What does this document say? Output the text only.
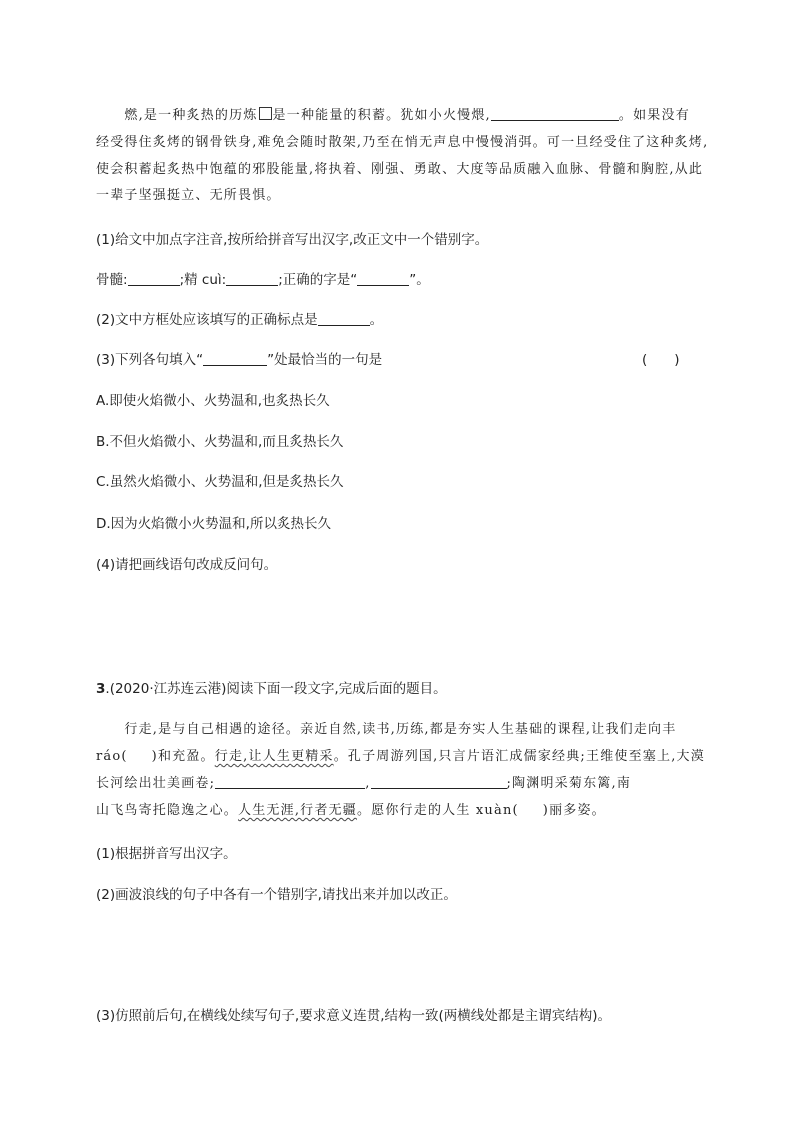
　　燃,是一种炙热的历炼 是一种能量的积蓄。犹如小火慢煨,	。如果没有
经受得住炙烤的钢骨铁身,难免会随时散架,乃至在悄无声息中慢慢消弭。可一旦经受住了这种炙烤,
使会积蓄起炙热中饱蕴的邪股能量,将执着、刚强、勇敢、大度等品质融入血脉、骨髓和胸腔,从此
一辈子坚强挺立、无所畏惧。
(1)给文中加点字注音,按所给拼音写出汉字,改正文中一个错别字。
骨髓:	;精 cuì:	;正确的字是“	”。
(2)文中方框处应该填写的正确标点是	。
(3)下列各句填入“	”处最恰当的一句是	(　　)
A.即使火焰微小、火势温和,也炙热长久
B.不但火焰微小、火势温和,而且炙热长久
C.虽然火焰微小、火势温和,但是炙热长久
D.因为火焰微小火势温和,所以炙热长久
(4)请把画线语句改成反问句。
3.(2020·江苏连云港)阅读下面一段文字,完成后面的题目。
　　行走,是与自己相遇的途径。亲近自然,读书,历练,都是夯实人生基础的课程,让我们走向丰
ráo( )和充盈。行走,让人生更精采。孔子周游列国,只言片语汇成儒家经典;王维使至塞上,大漠
长河绘出壮美画卷;	,	;陶渊明采菊东篱,南
山飞鸟寄托隐逸之心。人生无涯,行者无疆。愿你行走的人生 xuàn( )丽多姿。
(1)根据拼音写出汉字。
(2)画波浪线的句子中各有一个错别字,请找出来并加以改正。
(3)仿照前后句,在横线处续写句子,要求意义连贯,结构一致(两横线处都是主谓宾结构)。
